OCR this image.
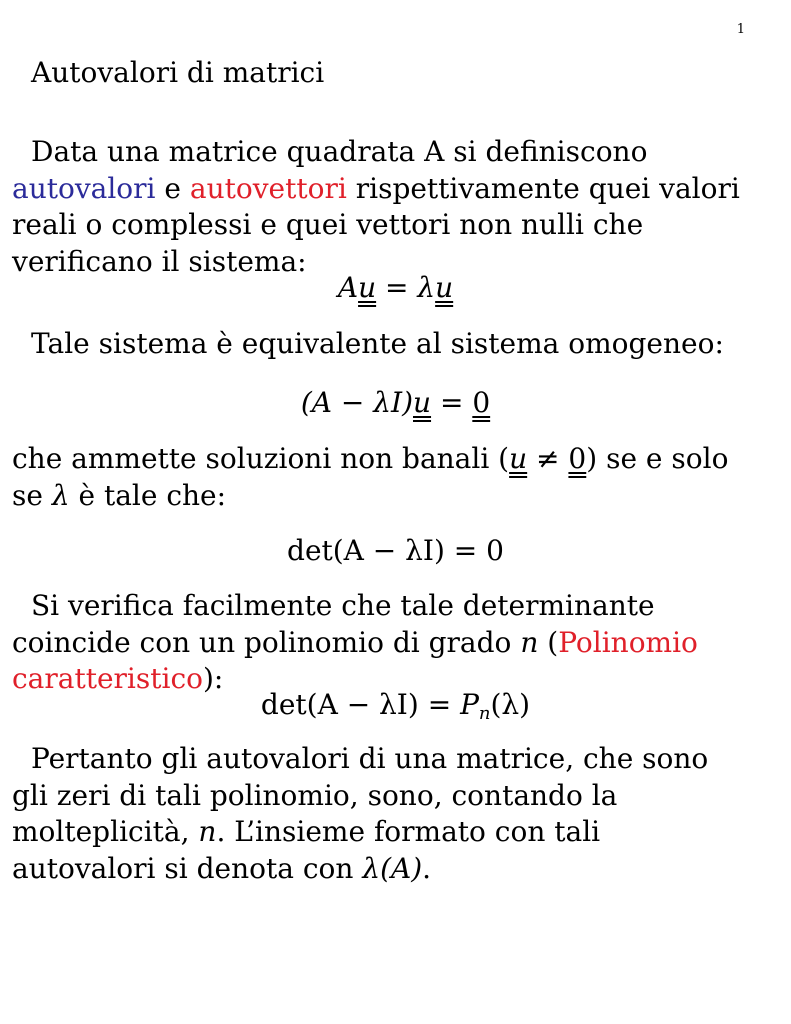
1
Autovalori di matrici
Data una matrice quadrata A si definiscono autovalori e autovettori rispettivamente quei valori reali o complessi e quei vettori non nulli che verificano il sistema:
Au = λu
Tale sistema è equivalente al sistema omogeneo:
(A − λI)u = 0
che ammette soluzioni non banali (u ≠ 0) se e solo se λ è tale che:
det(A − λI) = 0
Si verifica facilmente che tale determinante coincide con un polinomio di grado n (Polinomio caratteristico):
$\det(A - \lambda I) = P_n(\lambda)$
Pertanto gli autovalori di una matrice, che sono gli zeri di tali polinomio, sono, contando la molteplicità, n. L’insieme formato con tali autovalori si denota con λ(A).
